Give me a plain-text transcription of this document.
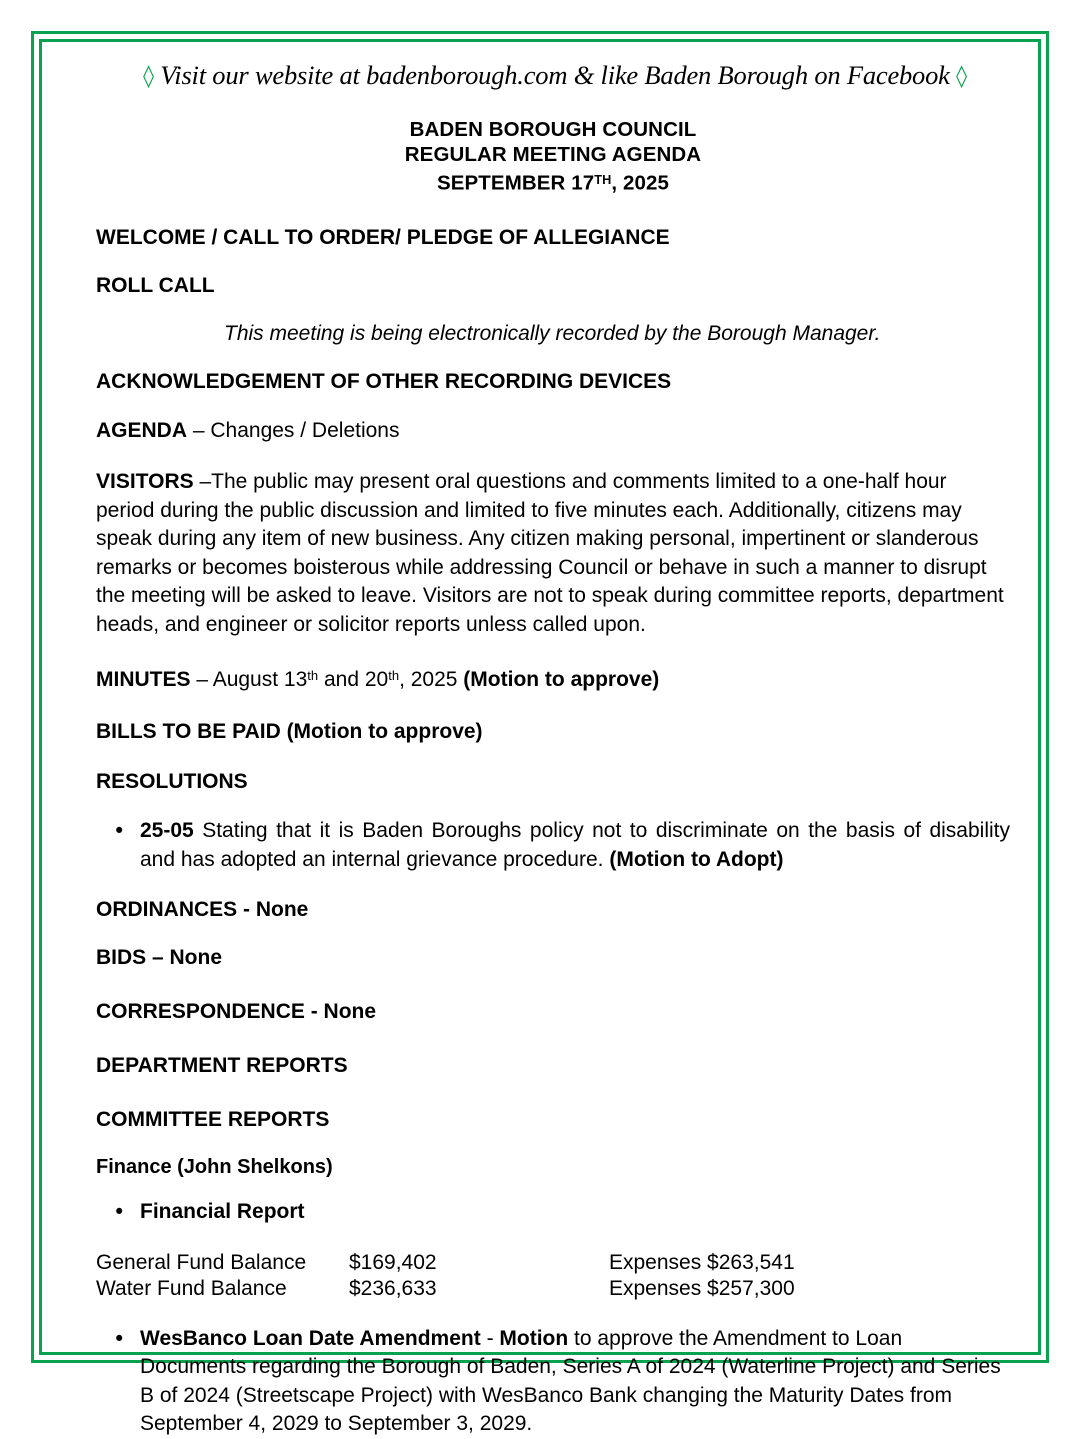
◊ Visit our website at badenborough.com & like Baden Borough on Facebook ◊
BADEN BOROUGH COUNCIL
REGULAR MEETING AGENDA
SEPTEMBER 17TH, 2025
WELCOME / CALL TO ORDER/ PLEDGE OF ALLEGIANCE
ROLL CALL
This meeting is being electronically recorded by the Borough Manager.
ACKNOWLEDGEMENT OF OTHER RECORDING DEVICES

AGENDA – Changes / Deletions

VISITORS –The public may present oral questions and comments limited to a one-half hour period during the public discussion and limited to five minutes each. Additionally, citizens may speak during any item of new business. Any citizen making personal, impertinent or slanderous remarks or becomes boisterous while addressing Council or behave in such a manner to disrupt the meeting will be asked to leave. Visitors are not to speak during committee reports, department heads, and engineer or solicitor reports unless called upon.

MINUTES – August 13th and 20th, 2025 (Motion to approve)

BILLS TO BE PAID (Motion to approve)

RESOLUTIONS
• 25-05 Stating that it is Baden Boroughs policy not to discriminate on the basis of disability and has adopted an internal grievance procedure. (Motion to Adopt)
ORDINANCES - None
BIDS – None
CORRESPONDENCE - None
DEPARTMENT REPORTS
COMMITTEE REPORTS
Finance (John Shelkons)
• Financial Report
General Fund Balance	$169,402	Expenses $263,541
Water Fund Balance	$236,633	Expenses $257,300
• WesBanco Loan Date Amendment - Motion to approve the Amendment to Loan Documents regarding the Borough of Baden, Series A of 2024 (Waterline Project) and Series B of 2024 (Streetscape Project) with WesBanco Bank changing the Maturity Dates from September 4, 2029 to September 3, 2029.
